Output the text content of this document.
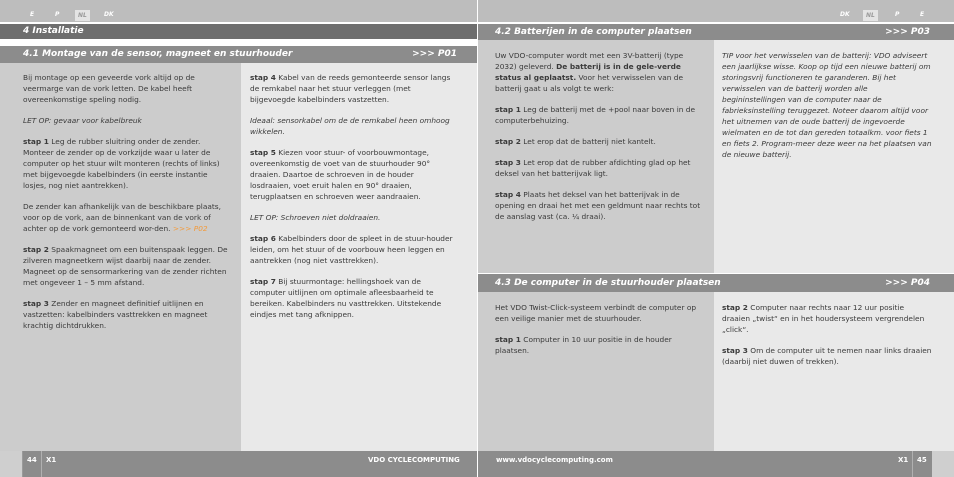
E	P	NL	DK	DK	NL	P	E
4 Installatie
4.1 Montage van de sensor, magneet en stuurhouder	>>> P01

Bij montage op een geveerde vork altijd op de veermarge van de vork letten. De kabel heeft overeenkomstige speling nodig.

LET OP: gevaar voor kabelbreuk

stap 1 Leg de rubber sluitring onder de zender. Monteer de zender op de vorkzijde waar u later de computer op het stuur wilt monteren (rechts of links) met bijgevoegde kabelbinders (in eerste instantie losjes, nog niet aantrekken).

De zender kan afhankelijk van de beschikbare plaats, voor op de vork, aan de binnenkant van de vork of achter op de vork gemonteerd wor-den. >>> P02

stap 2 Spaakmagneet om een buitenspaak leggen. De zilveren magneetkern wijst daarbij naar de zender. Magneet op de sensormarkering van de zender richten met ongeveer 1 – 5 mm afstand.

stap 3 Zender en magneet definitief uitlijnen en vastzetten: kabelbinders vasttrekken en magneet krachtig dichtdrukken.

stap 4 Kabel van de reeds gemonteerde sensor langs de remkabel naar het stuur verleggen (met bijgevoegde kabelbinders vastzetten.

Ideaal: sensorkabel om de de remkabel heen omhoog wikkelen.

stap 5 Kiezen voor stuur- of voorbouwmontage, overeenkomstig de voet van de stuurhouder 90° draaien. Daartoe de schroeven in de houder losdraaien, voet eruit halen en 90° draaien, terugplaatsen en schroeven weer aandraaien.

LET OP: Schroeven niet doldraaien.

stap 6 Kabelbinders door de spleet in de stuur-houder leiden, om het stuur of de voorbouw heen leggen en aantrekken (nog niet vasttrekken).

stap 7 Bij stuurmontage: hellingshoek van de computer uitlijnen om optimale afleesbaarheid te bereiken. Kabelbinders nu vasttrekken. Uitstekende eindjes met tang afknippen.

4.2 Batterijen in de computer plaatsen	>>> P03

Uw VDO-computer wordt met een 3V-batterij (type 2032) geleverd. De batterij is in de gele-verde status al geplaatst. Voor het verwisselen van de batterij gaat u als volgt te werk:

stap 1 Leg de batterij met de +pool naar boven in de computerbehuizing.

stap 2 Let erop dat de batterij niet kantelt.

stap 3 Let erop dat de rubber afdichting glad op het deksel van het batterijvak ligt.

stap 4 Plaats het deksel van het batterijvak in de opening en draai het met een geldmunt naar rechts tot de aanslag vast (ca. ¼ draai).

TIP voor het verwisselen van de batterij: VDO adviseert een jaarlijkse wisse. Koop op tijd een nieuwe batterij om storingsvrij functioneren te garanderen. Bij het verwisselen van de batterij worden alle begininstellingen van de computer naar de fabrieksinstelling teruggezet. Noteer daarom altijd voor het uitnemen van de oude batterij de ingevoerde wielmaten en de tot dan gereden totaalkm. voor fiets 1 en fiets 2. Program-meer deze weer na het plaatsen van de nieuwe batterij.

4.3 De computer in de stuurhouder plaatsen	>>> P04

Het VDO Twist-Click-systeem verbindt de computer op een veilige manier met de stuurhouder.

stap 1 Computer in 10 uur positie in de houder plaatsen.

stap 2 Computer naar rechts naar 12 uur positie draaien „twist“ en in het houdersysteem vergrendelen „click“.

stap 3 Om de computer uit te nemen naar links draaien (daarbij niet duwen of trekken).

44 X1	VDO CYCLECOMPUTING	www.vdocyclecomputing.com	X1 45
